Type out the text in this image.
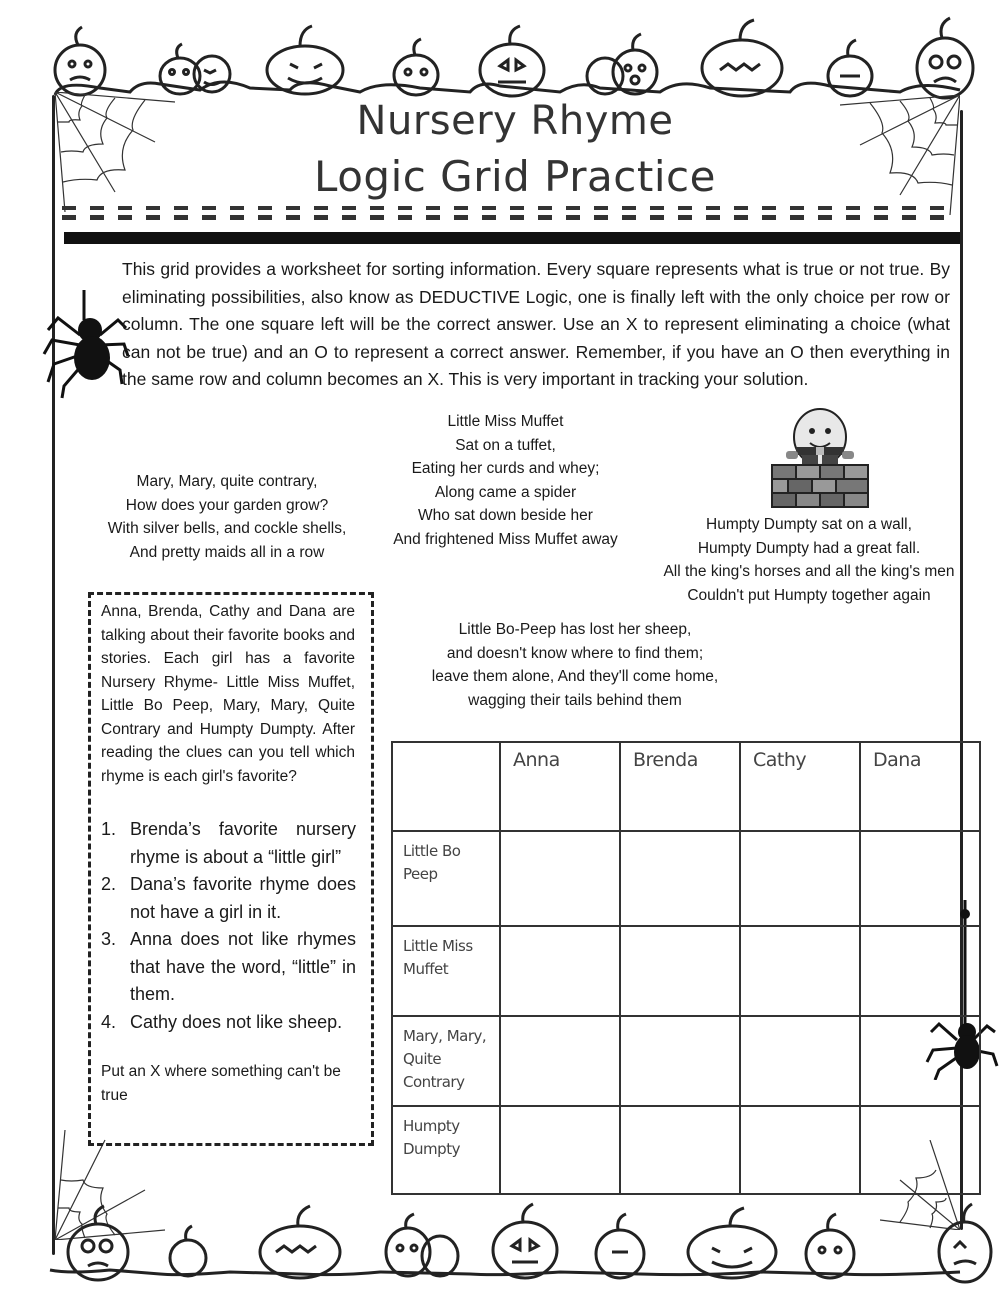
Nursery Rhyme
Logic Grid Practice
This grid provides a worksheet for sorting information. Every square represents what is true or not true. By eliminating possibilities, also know as DEDUCTIVE Logic, one is finally left with the only choice per row or column. The one square left will be the correct answer. Use an X to represent eliminating a choice (what can not be true) and an O to represent a correct answer. Remember, if you have an O then everything in the same row and column becomes an X. This is very important in tracking your solution.
Little Miss Muffet
Sat on a tuffet,
Eating her curds and whey;
Along came a spider
Who sat down beside her
And frightened Miss Muffet away
Mary, Mary, quite contrary,
How does your garden grow?
With silver bells, and cockle shells,
And pretty maids all in a row
Humpty Dumpty sat on a wall,
Humpty Dumpty had a great fall.
All the king's horses and all the king's men
Couldn't put Humpty together again
Little Bo-Peep has lost her sheep,
and doesn't know where to find them;
leave them alone, And they'll come home,
wagging their tails behind them
Anna, Brenda, Cathy and Dana are talking about their favorite books and stories. Each girl has a favorite Nursery Rhyme- Little Miss Muffet, Little Bo Peep, Mary, Mary, Quite Contrary and Humpty Dumpty. After reading the clues can you tell which rhyme is each girl's favorite?
1. Brenda’s favorite nursery rhyme is about a “little girl”
2. Dana’s favorite rhyme does not have a girl in it.
3. Anna does not like rhymes that have the word, “little” in them.
4. Cathy does not like sheep.
Put an X where something can't be true
	Anna	Brenda	Cathy	Dana

Little Bo
Peep				

Little Miss
Muffet				

Mary, Mary,
Quite
Contrary				

Humpty
Dumpty				
